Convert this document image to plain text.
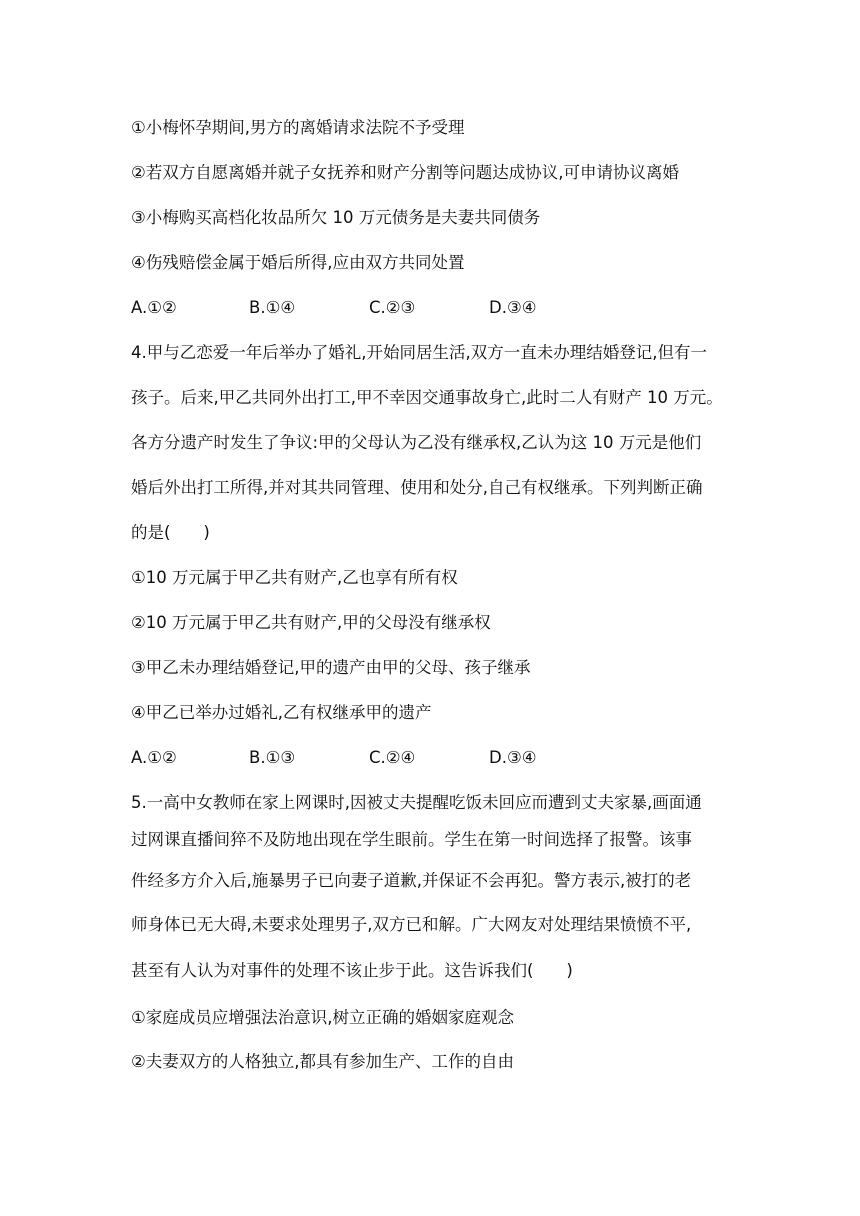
①小梅怀孕期间,男方的离婚请求法院不予受理
②若双方自愿离婚并就子女抚养和财产分割等问题达成协议,可申请协议离婚
③小梅购买高档化妆品所欠 10 万元债务是夫妻共同债务
④伤残赔偿金属于婚后所得,应由双方共同处置
A.①②	B.①④	C.②③	D.③④
4.甲与乙恋爱一年后举办了婚礼,开始同居生活,双方一直未办理结婚登记,但有一
孩子。后来,甲乙共同外出打工,甲不幸因交通事故身亡,此时二人有财产 10 万元。
各方分遗产时发生了争议:甲的父母认为乙没有继承权,乙认为这 10 万元是他们
婚后外出打工所得,并对其共同管理、使用和处分,自己有权继承。下列判断正确
的是(　　)
①10 万元属于甲乙共有财产,乙也享有所有权
②10 万元属于甲乙共有财产,甲的父母没有继承权
③甲乙未办理结婚登记,甲的遗产由甲的父母、孩子继承
④甲乙已举办过婚礼,乙有权继承甲的遗产
A.①②	B.①③	C.②④	D.③④
5.一高中女教师在家上网课时,因被丈夫提醒吃饭未回应而遭到丈夫家暴,画面通
过网课直播间猝不及防地出现在学生眼前。学生在第一时间选择了报警。该事
件经多方介入后,施暴男子已向妻子道歉,并保证不会再犯。警方表示,被打的老
师身体已无大碍,未要求处理男子,双方已和解。广大网友对处理结果愤愤不平,
甚至有人认为对事件的处理不该止步于此。这告诉我们(　　)
①家庭成员应增强法治意识,树立正确的婚姻家庭观念
②夫妻双方的人格独立,都具有参加生产、工作的自由
